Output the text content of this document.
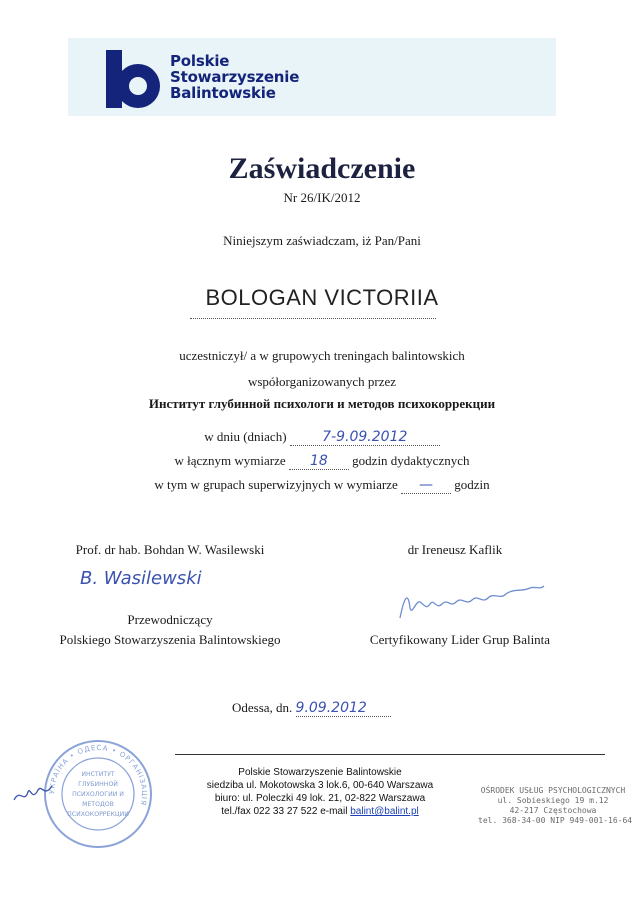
Polskie
Stowarzyszenie
Balintowskie
Zaświadczenie
Nr 26/IK/2012
Niniejszym zaświadczam, iż Pan/Pani
BOLOGAN VICTORIIA
uczestniczył/ a w grupowych treningach balintowskich
współorganizowanych przez
Институт глубинной психологи и методов психокоррекции
w dniu (dniach)	7-9.09.2012
w łącznym wymiarze 18 godzin dydaktycznych
w tym w grupach superwizyjnych w wymiarze — godzin
Prof. dr hab. Bohdan W. Wasilewski	dr Ireneusz Kaflik
B. Wasilewski
Przewodniczący
Polskiego Stowarzyszenia Balintowskiego	Certyfikowany Lider Grup Balinta
Odessa, dn. 9.09.2012
Polskie Stowarzyszenie Balintowskie
siedziba ul. Mokotowska 3 lok.6, 00-640 Warszawa
biuro: ul. Poleczki 49 lok. 21, 02-822 Warszawa
tel./fax 022 33 27 522 e-mail balint@balint.pl
УКРАЇНА • ОДЕСА • ОРГАНІЗАЦІЯ
ИНСТИТУТ
ГЛУБИННОЙ
ПСИХОЛОГИИ И
МЕТОДОВ
ПСИХОКОРРЕКЦИИ
OŚRODEK USŁUG PSYCHOLOGICZNYCH
ul. Sobieskiego 19 m.12
42-217 Częstochowa
tel. 368-34-00 NIP 949-001-16-64
